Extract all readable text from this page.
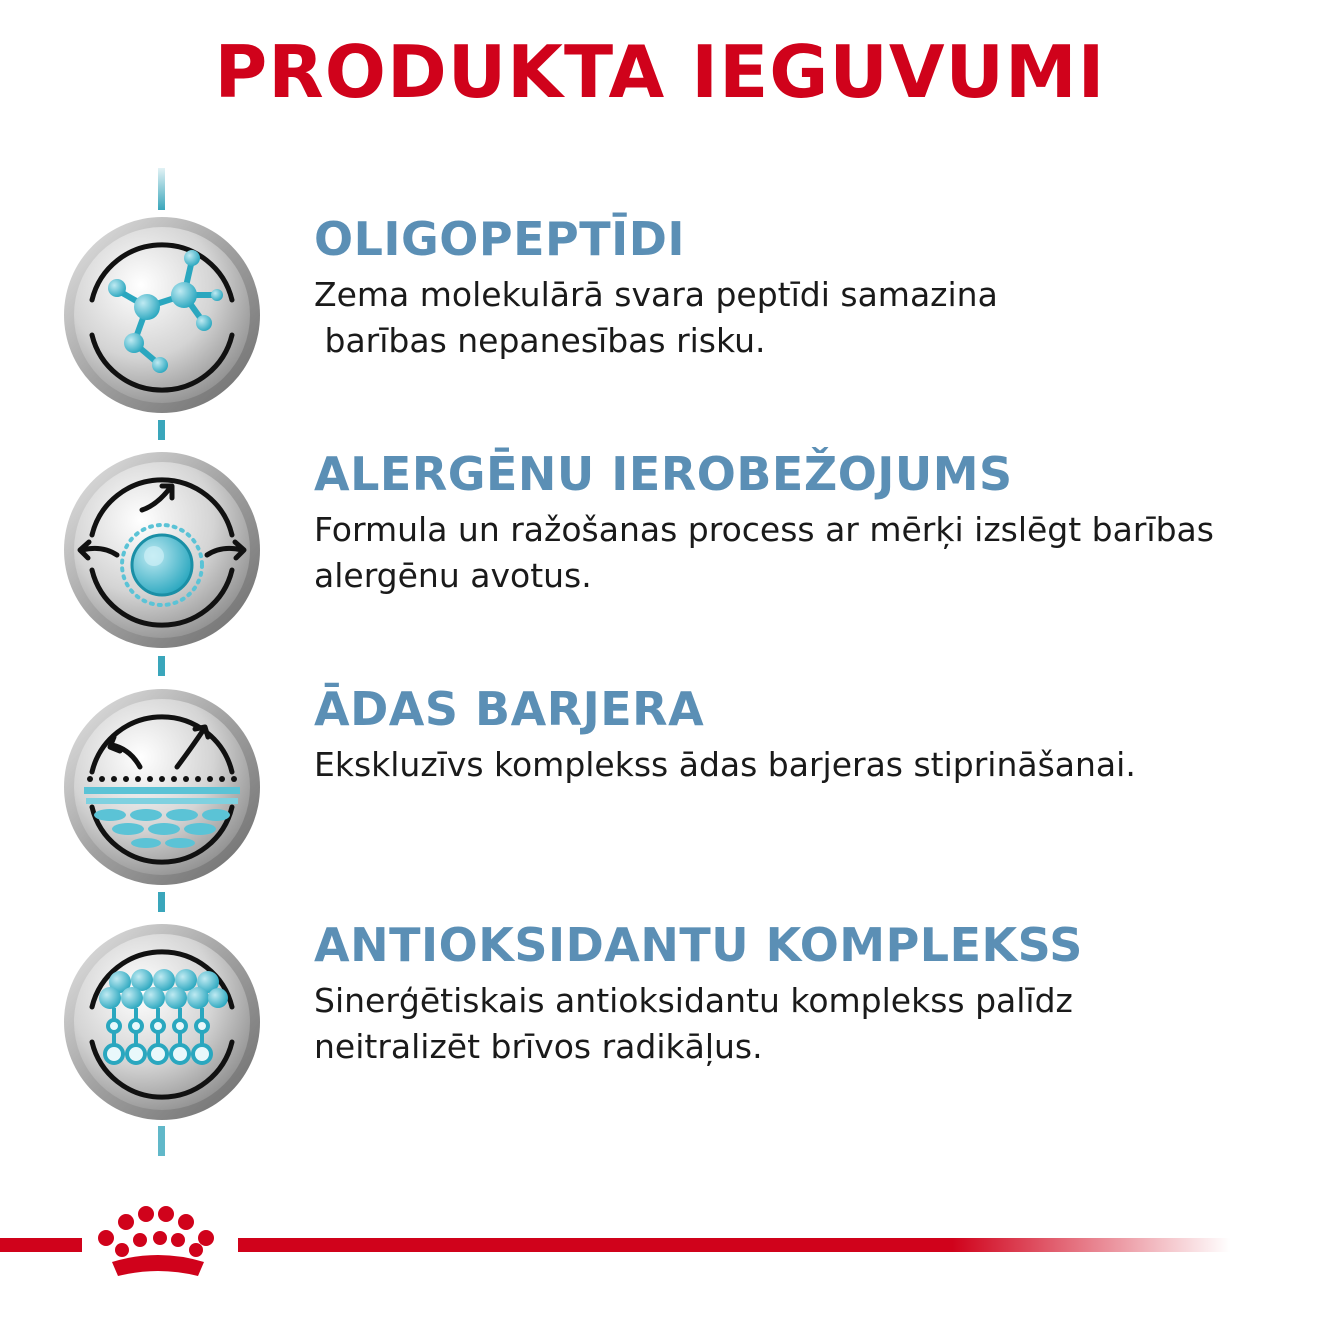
PRODUKTA IEGUVUMI
OLIGOPEPTĪDI

Zema molekulārā svara peptīdi samazina
barības nepanesības risku.

ALERGĒNU IEROBEŽOJUMS

Formula un ražošanas process ar mērķi izslēgt barības
alergēnu avotus.

ĀDAS BARJERA

Ekskluzīvs komplekss ādas barjeras stiprināšanai.

ANTIOKSIDANTU KOMPLEKSS

Sinerģētiskais antioksidantu komplekss palīdz
neitralizēt brīvos radikāļus.
